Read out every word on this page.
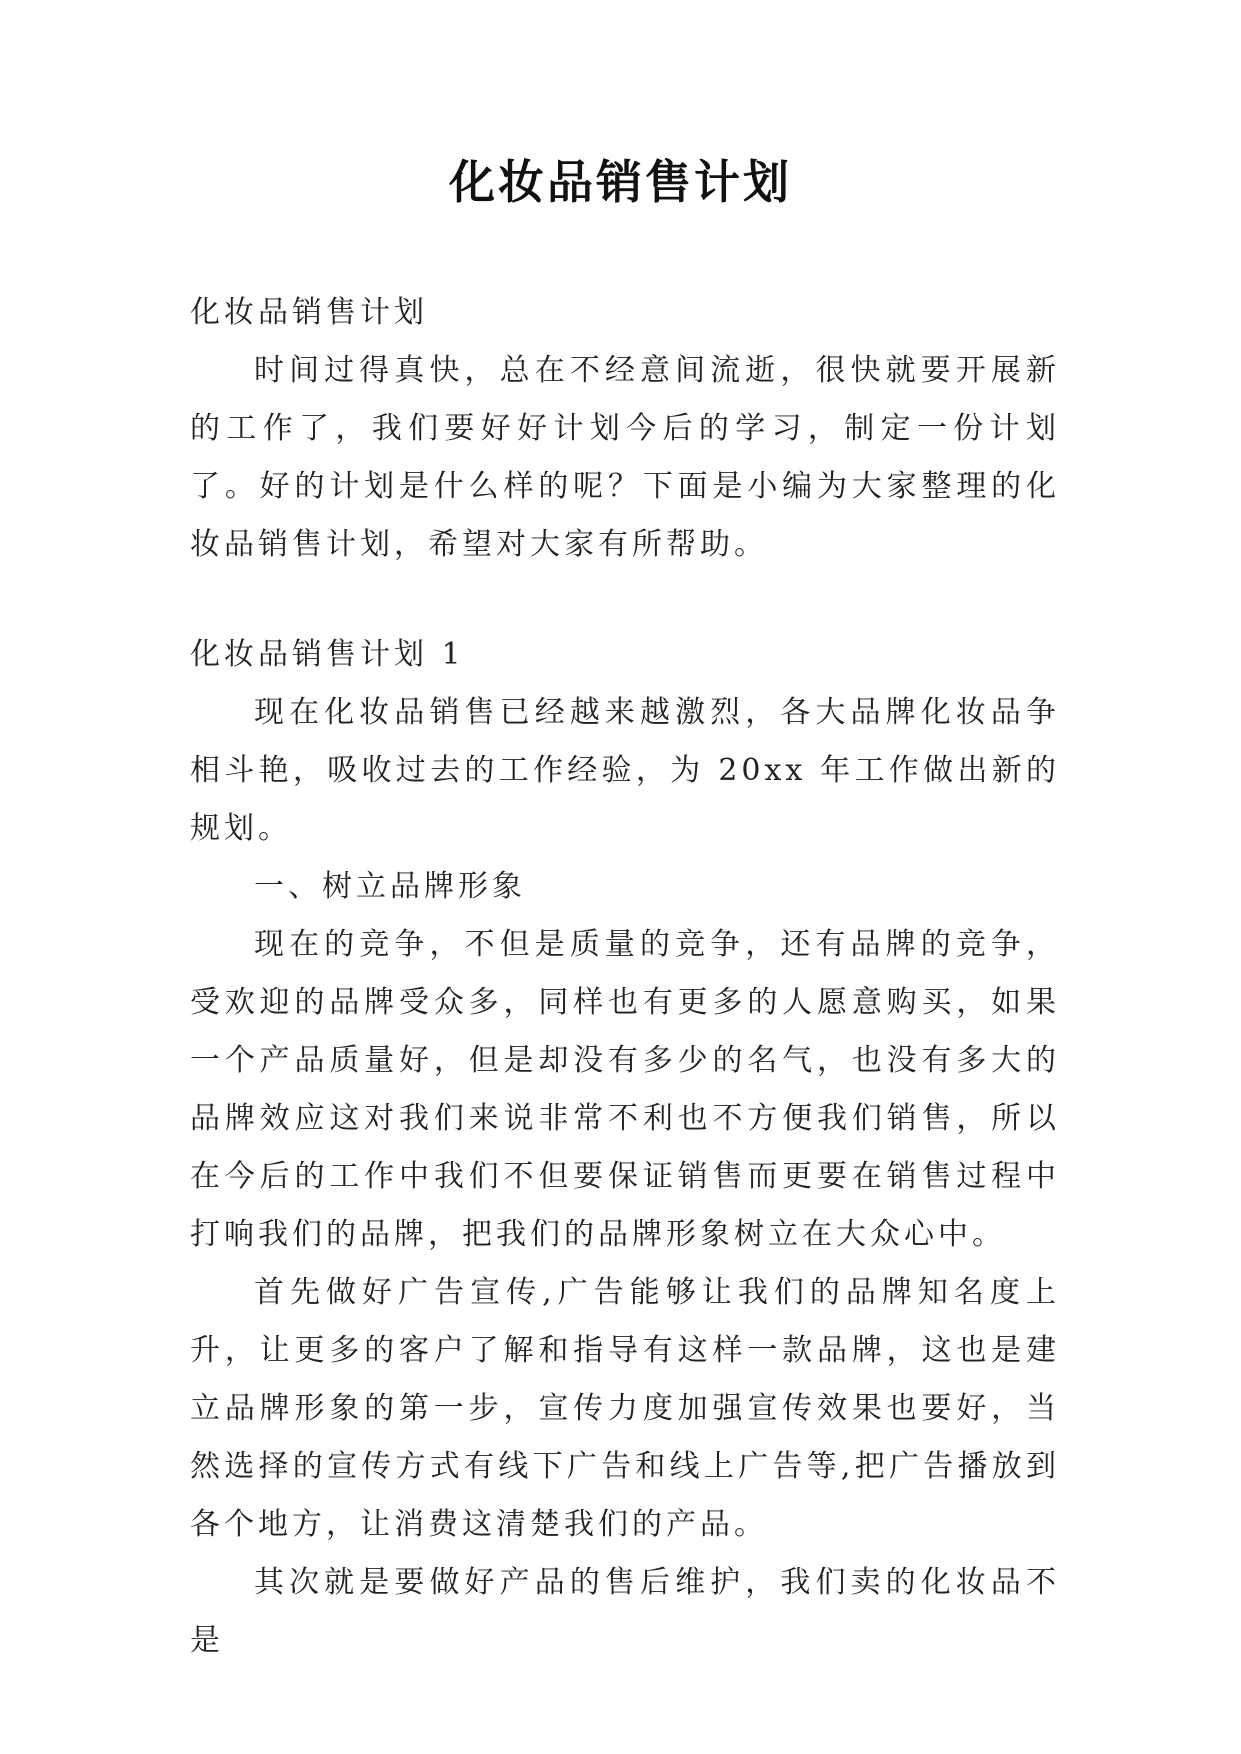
化妆品销售计划

化妆品销售计划

时间过得真快，总在不经意间流逝，很快就要开展新的工作了，我们要好好计划今后的学习，制定一份计划了。好的计划是什么样的呢？下面是小编为大家整理的化妆品销售计划，希望对大家有所帮助。

化妆品销售计划 1

现在化妆品销售已经越来越激烈，各大品牌化妆品争相斗艳，吸收过去的工作经验，为 20xx 年工作做出新的规划。

一、树立品牌形象

现在的竞争，不但是质量的竞争，还有品牌的竞争，受欢迎的品牌受众多，同样也有更多的人愿意购买，如果一个产品质量好，但是却没有多少的名气，也没有多大的品牌效应这对我们来说非常不利也不方便我们销售，所以在今后的工作中我们不但要保证销售而更要在销售过程中打响我们的品牌，把我们的品牌形象树立在大众心中。

首先做好广告宣传,广告能够让我们的品牌知名度上升，让更多的客户了解和指导有这样一款品牌，这也是建立品牌形象的第一步，宣传力度加强宣传效果也要好，当然选择的宣传方式有线下广告和线上广告等,把广告播放到各个地方，让消费这清楚我们的产品。

其次就是要做好产品的售后维护，我们卖的化妆品不是
